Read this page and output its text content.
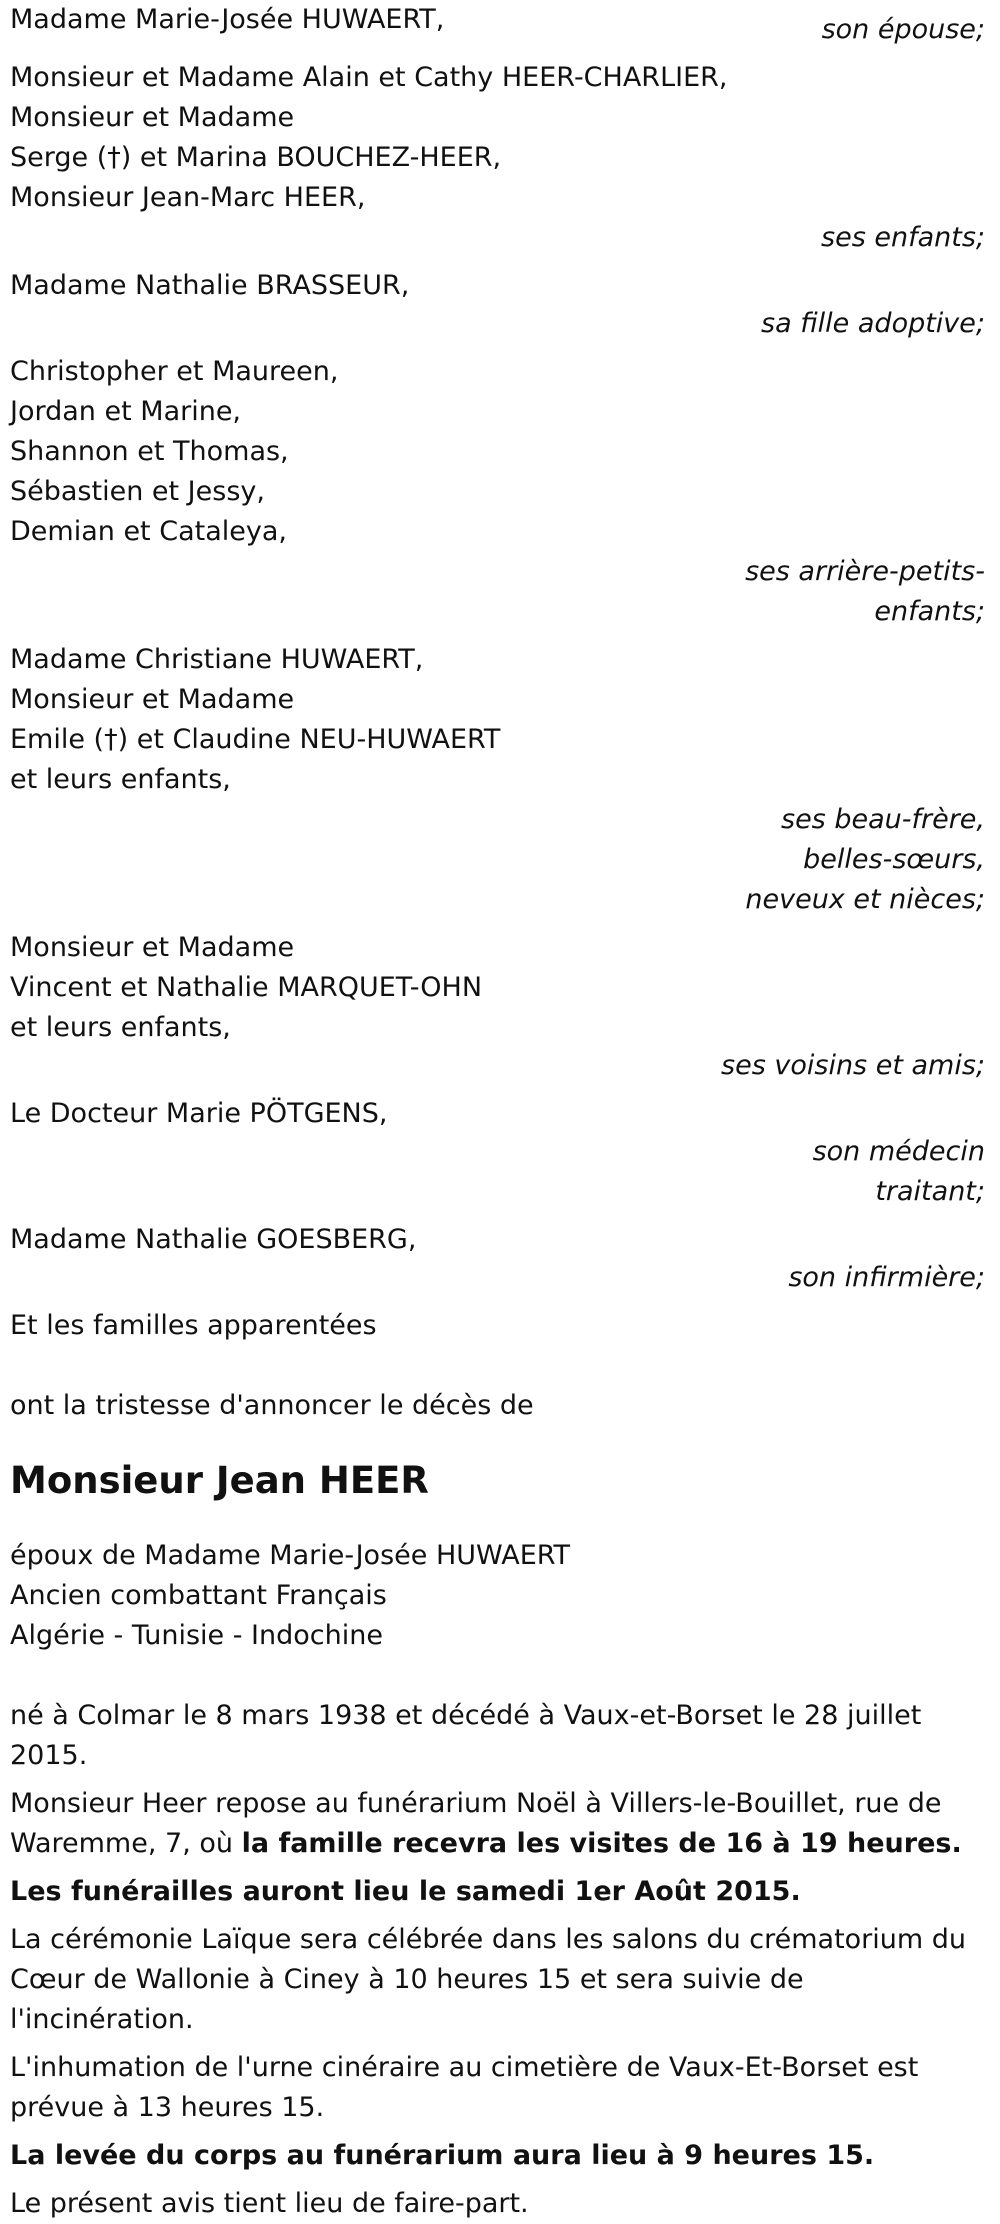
Madame Marie-Josée HUWAERT,	son épouse;
Monsieur et Madame Alain et Cathy HEER-CHARLIER,
Monsieur et Madame
Serge (†) et Marina BOUCHEZ-HEER,
Monsieur Jean-Marc HEER,
ses enfants;
Madame Nathalie BRASSEUR,
sa fille adoptive;
Christopher et Maureen,
Jordan et Marine,
Shannon et Thomas,
Sébastien et Jessy,
Demian et Cataleya,
ses arrière-petits-
enfants;
Madame Christiane HUWAERT,
Monsieur et Madame
Emile (†) et Claudine NEU-HUWAERT
et leurs enfants,
ses beau-frère,
belles-sœurs,
neveux et nièces;
Monsieur et Madame
Vincent et Nathalie MARQUET-OHN
et leurs enfants,
ses voisins et amis;
Le Docteur Marie PÖTGENS,
son médecin
traitant;
Madame Nathalie GOESBERG,
son infirmière;
Et les familles apparentées
ont la tristesse d'annoncer le décès de
Monsieur Jean HEER
époux de Madame Marie-Josée HUWAERT
Ancien combattant Français
Algérie - Tunisie - Indochine
né à Colmar le 8 mars 1938 et décédé à Vaux-et-Borset le 28 juillet 2015.

Monsieur Heer repose au funérarium Noël à Villers-le-Bouillet, rue de Waremme, 7, où la famille recevra les visites de 16 à 19 heures.

Les funérailles auront lieu le samedi 1er Août 2015.
La cérémonie Laïque sera célébrée dans les salons du crématorium du Cœur de Wallonie à Ciney à 10 heures 15 et sera suivie de l'incinération.
L'inhumation de l'urne cinéraire au cimetière de Vaux-Et-Borset est prévue à 13 heures 15.
La levée du corps au funérarium aura lieu à 9 heures 15.
Le présent avis tient lieu de faire-part.
